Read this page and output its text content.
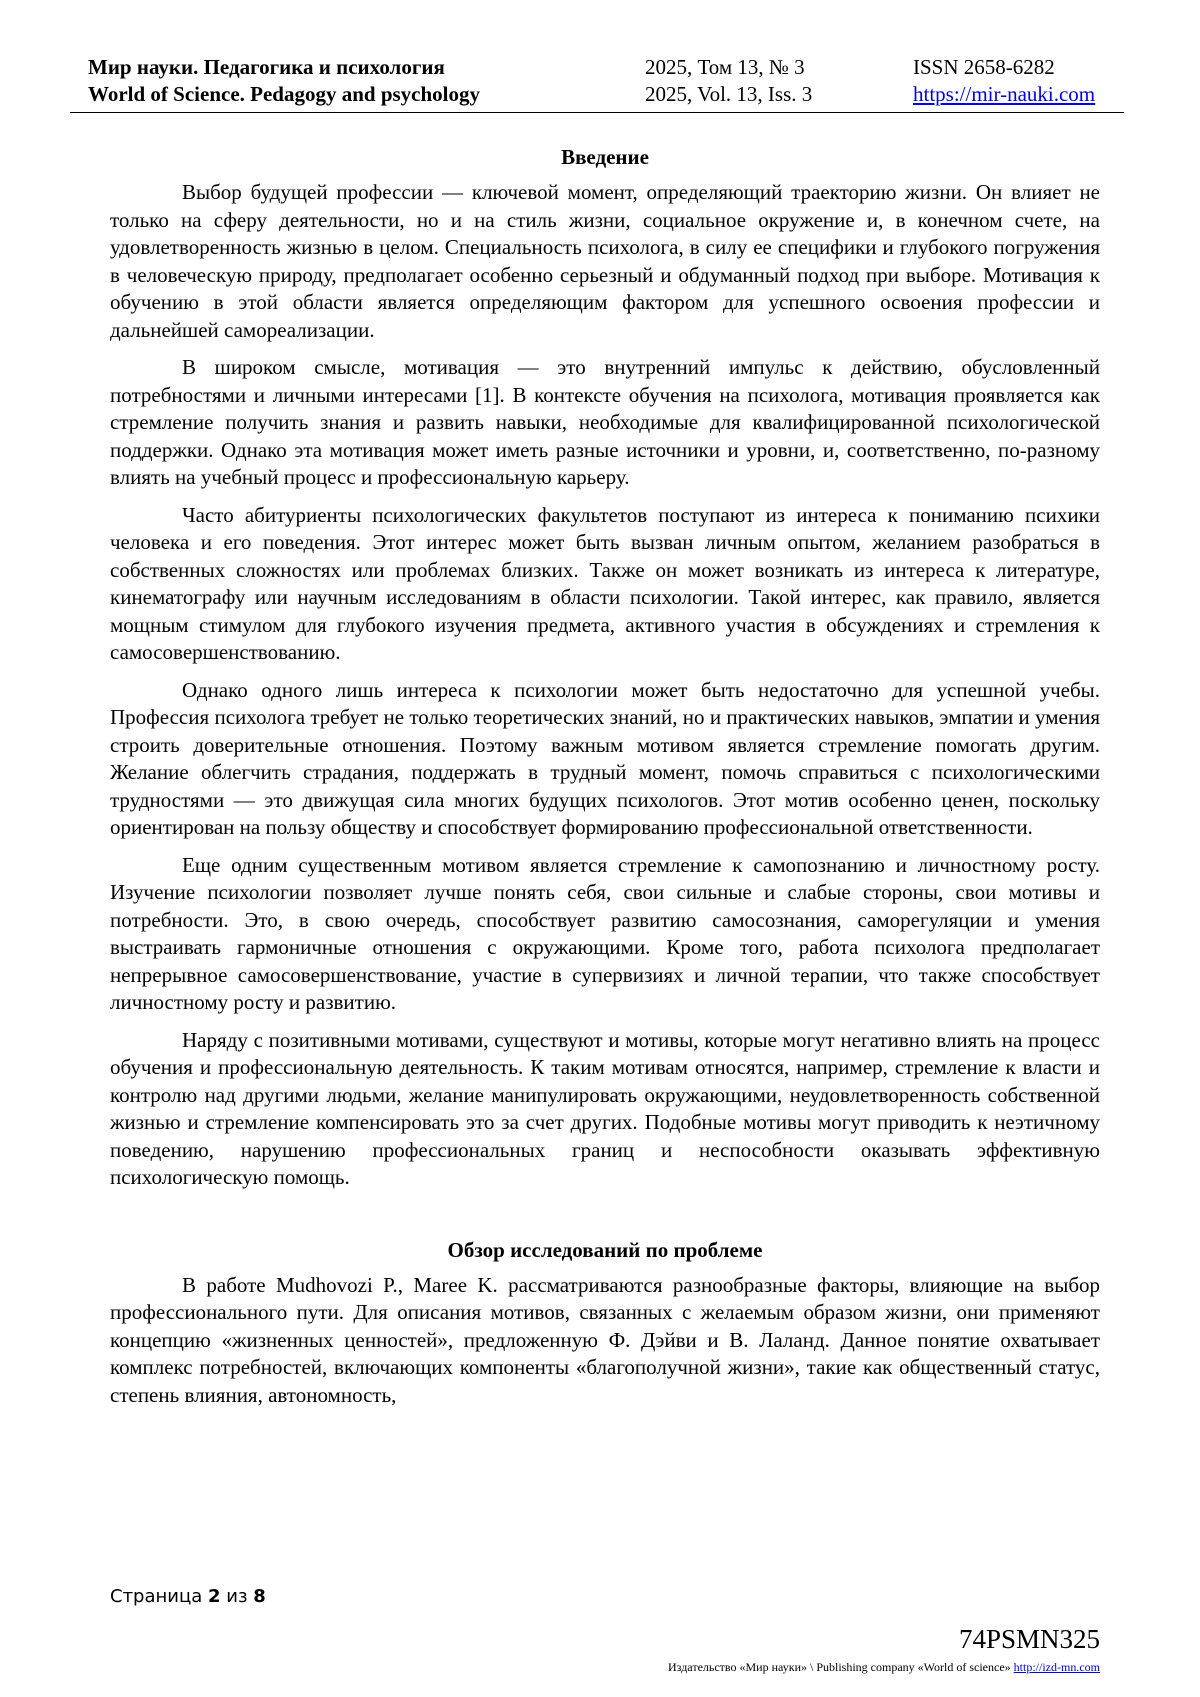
Мир науки. Педагогика и психология
World of Science. Pedagogy and psychology
2025, Том 13, № 3
2025, Vol. 13, Iss. 3
ISSN 2658-6282
https://mir-nauki.com
Введение

Выбор будущей профессии — ключевой момент, определяющий траекторию жизни. Он влияет не только на сферу деятельности, но и на стиль жизни, социальное окружение и, в конечном счете, на удовлетворенность жизнью в целом. Специальность психолога, в силу ее специфики и глубокого погружения в человеческую природу, предполагает особенно серьезный и обдуманный подход при выборе. Мотивация к обучению в этой области является определяющим фактором для успешного освоения профессии и дальнейшей самореализации.

В широком смысле, мотивация — это внутренний импульс к действию, обусловленный потребностями и личными интересами [1]. В контексте обучения на психолога, мотивация проявляется как стремление получить знания и развить навыки, необходимые для квалифицированной психологической поддержки. Однако эта мотивация может иметь разные источники и уровни, и, соответственно, по-разному влиять на учебный процесс и профессиональную карьеру.

Часто абитуриенты психологических факультетов поступают из интереса к пониманию психики человека и его поведения. Этот интерес может быть вызван личным опытом, желанием разобраться в собственных сложностях или проблемах близких. Также он может возникать из интереса к литературе, кинематографу или научным исследованиям в области психологии. Такой интерес, как правило, является мощным стимулом для глубокого изучения предмета, активного участия в обсуждениях и стремления к самосовершенствованию.

Однако одного лишь интереса к психологии может быть недостаточно для успешной учебы. Профессия психолога требует не только теоретических знаний, но и практических навыков, эмпатии и умения строить доверительные отношения. Поэтому важным мотивом является стремление помогать другим. Желание облегчить страдания, поддержать в трудный момент, помочь справиться с психологическими трудностями — это движущая сила многих будущих психологов. Этот мотив особенно ценен, поскольку ориентирован на пользу обществу и способствует формированию профессиональной ответственности.

Еще одним существенным мотивом является стремление к самопознанию и личностному росту. Изучение психологии позволяет лучше понять себя, свои сильные и слабые стороны, свои мотивы и потребности. Это, в свою очередь, способствует развитию самосознания, саморегуляции и умения выстраивать гармоничные отношения с окружающими. Кроме того, работа психолога предполагает непрерывное самосовершенствование, участие в супервизиях и личной терапии, что также способствует личностному росту и развитию.

Наряду с позитивными мотивами, существуют и мотивы, которые могут негативно влиять на процесс обучения и профессиональную деятельность. К таким мотивам относятся, например, стремление к власти и контролю над другими людьми, желание манипулировать окружающими, неудовлетворенность собственной жизнью и стремление компенсировать это за счет других. Подобные мотивы могут приводить к неэтичному поведению, нарушению профессиональных границ и неспособности оказывать эффективную психологическую помощь.

Обзор исследований по проблеме

В работе Mudhovozi P., Maree K. рассматриваются разнообразные факторы, влияющие на выбор профессионального пути. Для описания мотивов, связанных с желаемым образом жизни, они применяют концепцию «жизненных ценностей», предложенную Ф. Дэйви и В. Лаланд. Данное понятие охватывает комплекс потребностей, включающих компоненты «благополучной жизни», такие как общественный статус, степень влияния, автономность,

Страница 2 из 8
74PSMN325
Издательство «Мир науки» \ Publishing company «World of science» http://izd-mn.com
